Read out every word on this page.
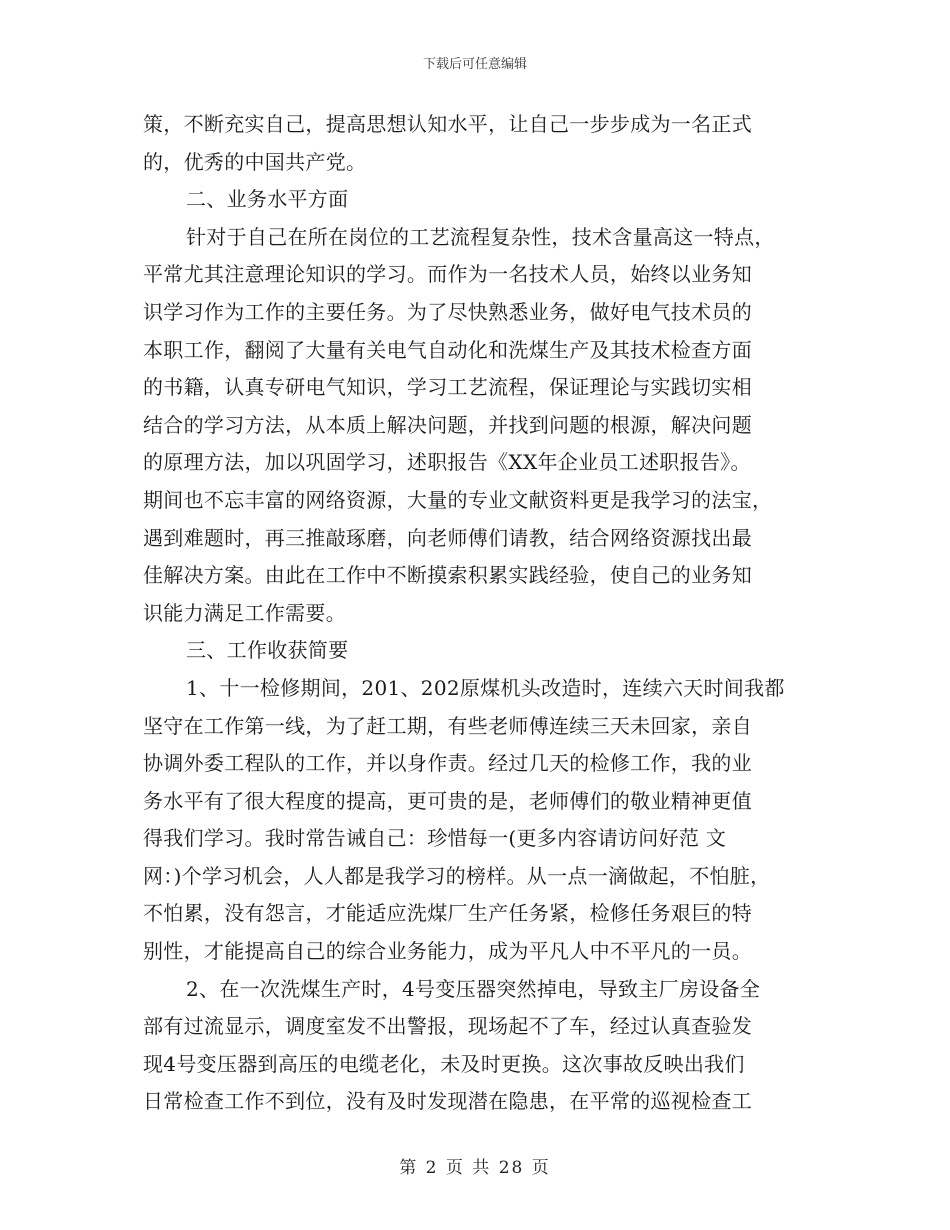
下载后可任意编辑
策，不断充实自己，提高思想认知水平，让自己一步步成为一名正式
的，优秀的中国共产党。
二、业务水平方面
针对于自己在所在岗位的工艺流程复杂性，技术含量高这一特点，
平常尤其注意理论知识的学习。而作为一名技术人员，始终以业务知
识学习作为工作的主要任务。为了尽快熟悉业务，做好电气技术员的
本职工作，翻阅了大量有关电气自动化和洗煤生产及其技术检查方面
的书籍，认真专研电气知识，学习工艺流程，保证理论与实践切实相
结合的学习方法，从本质上解决问题，并找到问题的根源，解决问题
的原理方法，加以巩固学习，述职报告《XX年企业员工述职报告》。
期间也不忘丰富的网络资源，大量的专业文献资料更是我学习的法宝，
遇到难题时，再三推敲琢磨，向老师傅们请教，结合网络资源找出最
佳解决方案。由此在工作中不断摸索积累实践经验，使自己的业务知
识能力满足工作需要。
三、工作收获简要
1、十一检修期间，201、202原煤机头改造时，连续六天时间我都
坚守在工作第一线，为了赶工期，有些老师傅连续三天未回家，亲自
协调外委工程队的工作，并以身作责。经过几天的检修工作，我的业
务水平有了很大程度的提高，更可贵的是，老师傅们的敬业精神更值
得我们学习。我时常告诫自己：珍惜每一(更多内容请访问好范 文
网：)个学习机会，人人都是我学习的榜样。从一点一滴做起，不怕脏，
不怕累，没有怨言，才能适应洗煤厂生产任务紧，检修任务艰巨的特
别性，才能提高自己的综合业务能力，成为平凡人中不平凡的一员。
2、在一次洗煤生产时，4号变压器突然掉电，导致主厂房设备全
部有过流显示，调度室发不出警报，现场起不了车，经过认真查验发
现4号变压器到高压的电缆老化，未及时更换。这次事故反映出我们
日常检查工作不到位，没有及时发现潜在隐患，在平常的巡视检查工
第 2 页 共 28 页
